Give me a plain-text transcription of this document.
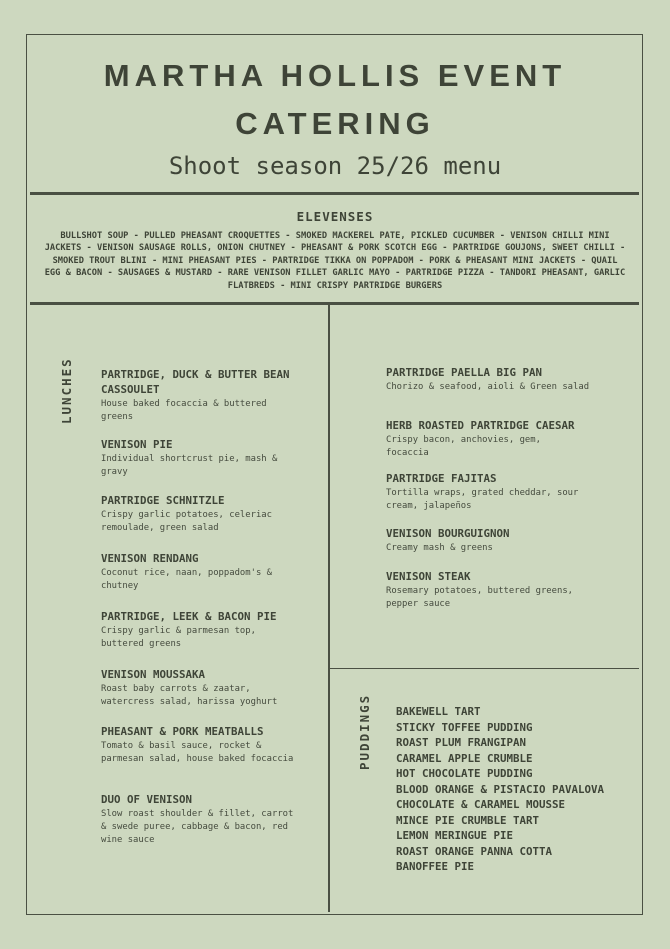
MARTHA HOLLIS EVENT
CATERING
Shoot season 25/26 menu
ELEVENSES
BULLSHOT SOUP - PULLED PHEASANT CROQUETTES - SMOKED MACKEREL PATE, PICKLED CUCUMBER - VENISON CHILLI MINI JACKETS - VENISON SAUSAGE ROLLS, ONION CHUTNEY - PHEASANT & PORK SCOTCH EGG - PARTRIDGE GOUJONS, SWEET CHILLI - SMOKED TROUT BLINI - MINI PHEASANT PIES - PARTRIDGE TIKKA ON POPPADOM - PORK & PHEASANT MINI JACKETS - QUAIL EGG & BACON - SAUSAGES & MUSTARD - RARE VENISON FILLET GARLIC MAYO - PARTRIDGE PIZZA - TANDORI PHEASANT, GARLIC FLATBREDS - MINI CRISPY PARTRIDGE BURGERS
LUNCHES
PUDDINGS
PARTRIDGE, DUCK & BUTTER BEAN CASSOULET
House baked focaccia & buttered greens
VENISON PIE
Individual shortcrust pie, mash & gravy
PARTRIDGE SCHNITZLE
Crispy garlic potatoes, celeriac remoulade, green salad
VENISON RENDANG
Coconut rice, naan, poppadom's & chutney
PARTRIDGE, LEEK & BACON PIE
Crispy garlic & parmesan top, buttered greens
VENISON MOUSSAKA
Roast baby carrots & zaatar, watercress salad, harissa yoghurt
PHEASANT & PORK MEATBALLS
Tomato & basil sauce, rocket & parmesan salad, house baked focaccia
DUO OF VENISON
Slow roast shoulder & fillet, carrot & swede puree, cabbage & bacon, red wine sauce
PARTRIDGE PAELLA BIG PAN
Chorizo & seafood, aioli & Green salad
HERB ROASTED PARTRIDGE CAESAR
Crispy bacon, anchovies, gem, focaccia
PARTRIDGE FAJITAS
Tortilla wraps, grated cheddar, sour cream, jalapeños
VENISON BOURGUIGNON
Creamy mash & greens
VENISON STEAK
Rosemary potatoes, buttered greens, pepper sauce
BAKEWELL TART
STICKY TOFFEE PUDDING
ROAST PLUM FRANGIPAN
CARAMEL APPLE CRUMBLE
HOT CHOCOLATE PUDDING
BLOOD ORANGE & PISTACIO PAVALOVA
CHOCOLATE & CARAMEL MOUSSE
MINCE PIE CRUMBLE TART
LEMON MERINGUE PIE
ROAST ORANGE PANNA COTTA
BANOFFEE PIE
